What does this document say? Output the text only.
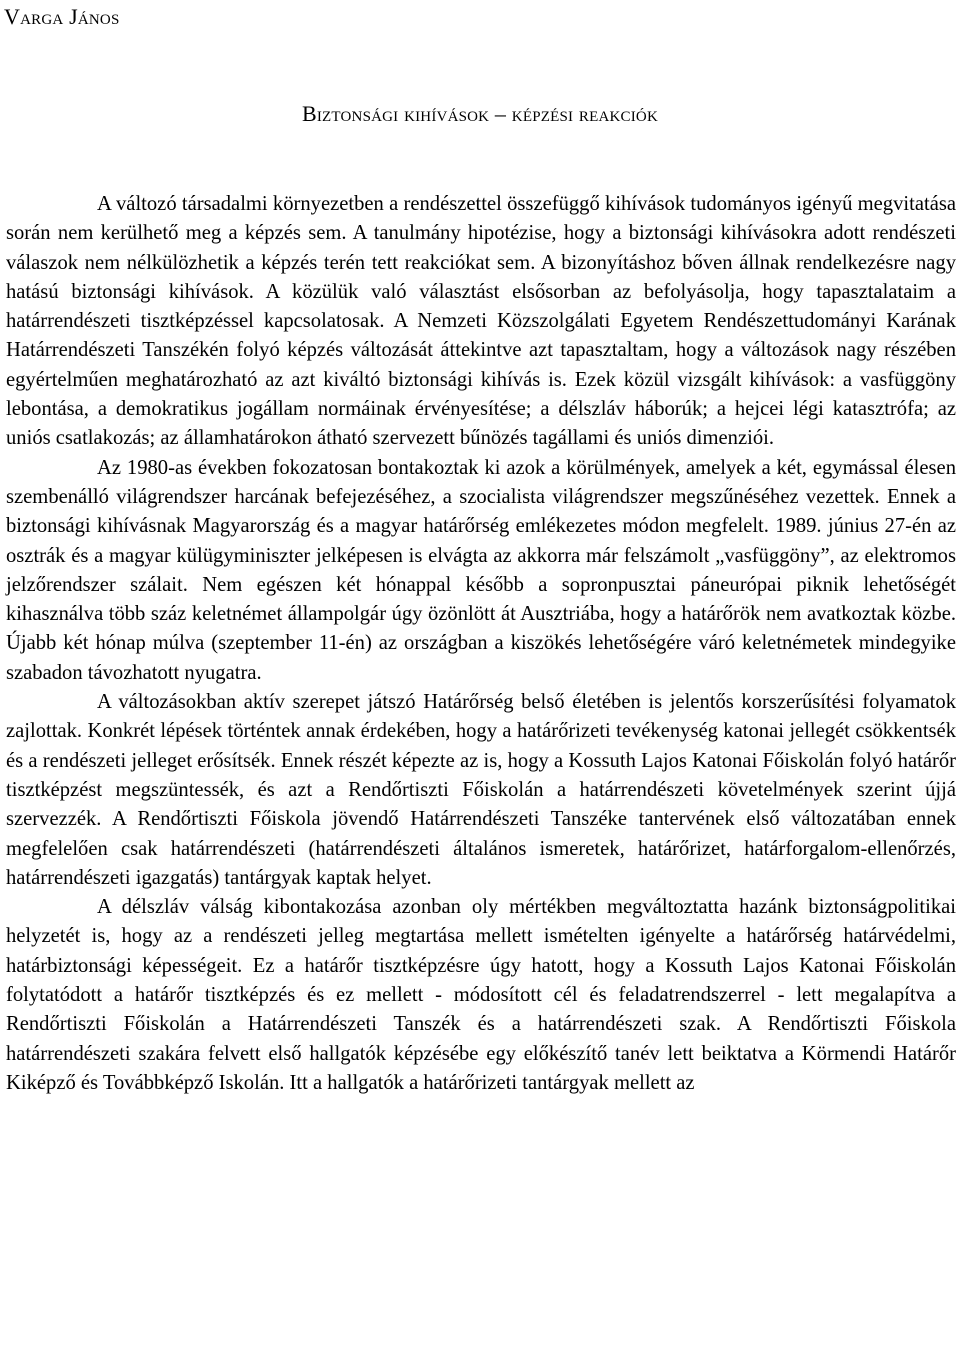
Varga János
Biztonsági kihívások – képzési reakciók

A változó társadalmi környezetben a rendészettel összefüggő kihívások tudományos igényű megvitatása során nem kerülhető meg a képzés sem. A tanulmány hipotézise, hogy a biztonsági kihívásokra adott rendészeti válaszok nem nélkülözhetik a képzés terén tett reakciókat sem. A bizonyításhoz bőven állnak rendelkezésre nagy hatású biztonsági kihívások. A közülük való választást elsősorban az befolyásolja, hogy tapasztalataim a határrendészeti tisztképzéssel kapcsolatosak. A Nemzeti Közszolgálati Egyetem Rendészettudományi Karának Határrendészeti Tanszékén folyó képzés változását áttekintve azt tapasztaltam, hogy a változások nagy részében egyértelműen meghatározható az azt kiváltó biztonsági kihívás is. Ezek közül vizsgált kihívások: a vasfüggöny lebontása, a demokratikus jogállam normáinak érvényesítése; a délszláv háborúk; a hejcei légi katasztrófa; az uniós csatlakozás; az államhatárokon átható szervezett bűnözés tagállami és uniós dimenziói.

Az 1980-as években fokozatosan bontakoztak ki azok a körülmények, amelyek a két, egymással élesen szembenálló világrendszer harcának befejezéséhez, a szocialista világrendszer megszűnéséhez vezettek. Ennek a biztonsági kihívásnak Magyarország és a magyar határőrség emlékezetes módon megfelelt. 1989. június 27-én az osztrák és a magyar külügyminiszter jelképesen is elvágta az akkorra már felszámolt „vasfüggöny”, az elektromos jelzőrendszer szálait. Nem egészen két hónappal később a sopronpusztai páneurópai piknik lehetőségét kihasználva több száz keletnémet állampolgár úgy özönlött át Ausztriába, hogy a határőrök nem avatkoztak közbe. Újabb két hónap múlva (szeptember 11-én) az országban a kiszökés lehetőségére váró keletnémetek mindegyike szabadon távozhatott nyugatra.

A változásokban aktív szerepet játszó Határőrség belső életében is jelentős korszerűsítési folyamatok zajlottak. Konkrét lépések történtek annak érdekében, hogy a határőrizeti tevékenység katonai jellegét csökkentsék és a rendészeti jelleget erősítsék. Ennek részét képezte az is, hogy a Kossuth Lajos Katonai Főiskolán folyó határőr tisztképzést megszüntessék, és azt a Rendőrtiszti Főiskolán a határrendészeti követelmények szerint újjá szervezzék. A Rendőrtiszti Főiskola jövendő Határrendészeti Tanszéke tantervének első változatában ennek megfelelően csak határrendészeti (határrendészeti általános ismeretek, határőrizet, határforgalom-ellenőrzés, határrendészeti igazgatás) tantárgyak kaptak helyet.

A délszláv válság kibontakozása azonban oly mértékben megváltoztatta hazánk biztonságpolitikai helyzetét is, hogy az a rendészeti jelleg megtartása mellett ismételten igényelte a határőrség határvédelmi, határbiztonsági képességeit. Ez a határőr tisztképzésre úgy hatott, hogy a Kossuth Lajos Katonai Főiskolán folytatódott a határőr tisztképzés és ez mellett - módosított cél és feladatrendszerrel - lett megalapítva a Rendőrtiszti Főiskolán a Határrendészeti Tanszék és a határrendészeti szak. A Rendőrtiszti Főiskola határrendészeti szakára felvett első hallgatók képzésébe egy előkészítő tanév lett beiktatva a Körmendi Határőr Kiképző és Továbbképző Iskolán. Itt a hallgatók a határőrizeti tantárgyak mellett az
